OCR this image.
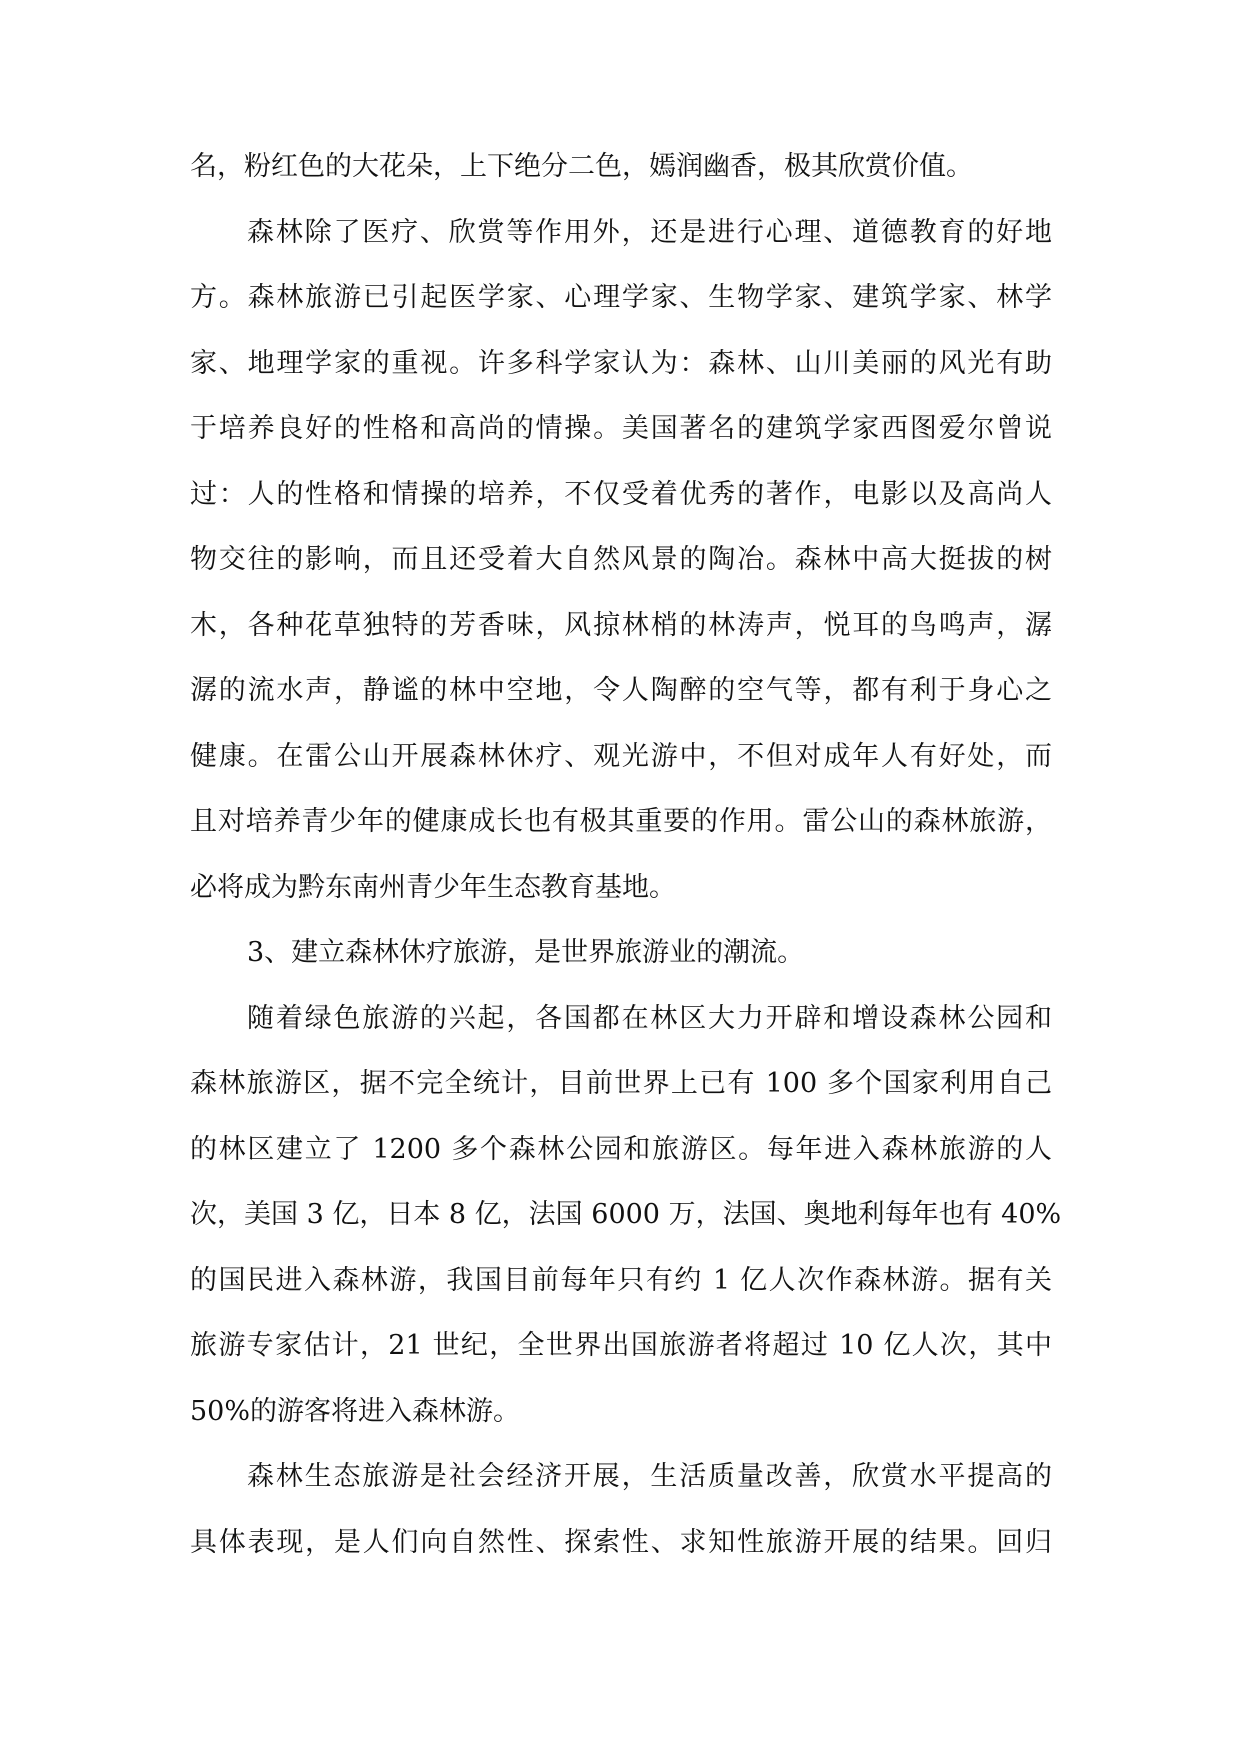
名，粉红色的大花朵，上下绝分二色，嫣润幽香，极其欣赏价值。
森林除了医疗、欣赏等作用外，还是进行心理、道德教育的好地
方。森林旅游已引起医学家、心理学家、生物学家、建筑学家、林学
家、地理学家的重视。许多科学家认为：森林、山川美丽的风光有助
于培养良好的性格和高尚的情操。美国著名的建筑学家西图爱尔曾说
过：人的性格和情操的培养，不仅受着优秀的著作，电影以及高尚人
物交往的影响，而且还受着大自然风景的陶冶。森林中高大挺拔的树
木，各种花草独特的芳香味，风掠林梢的林涛声，悦耳的鸟鸣声，潺
潺的流水声，静谧的林中空地，令人陶醉的空气等，都有利于身心之
健康。在雷公山开展森林休疗、观光游中，不但对成年人有好处，而
且对培养青少年的健康成长也有极其重要的作用。雷公山的森林旅游，
必将成为黔东南州青少年生态教育基地。
3、建立森林休疗旅游，是世界旅游业的潮流。
随着绿色旅游的兴起，各国都在林区大力开辟和增设森林公园和
森林旅游区，据不完全统计，目前世界上已有 100 多个国家利用自己
的林区建立了 1200 多个森林公园和旅游区。每年进入森林旅游的人
次，美国 3 亿，日本 8 亿，法国 6000 万，法国、奥地利每年也有 40%
的国民进入森林游，我国目前每年只有约 1 亿人次作森林游。据有关
旅游专家估计，21 世纪，全世界出国旅游者将超过 10 亿人次，其中
50%的游客将进入森林游。
森林生态旅游是社会经济开展，生活质量改善，欣赏水平提高的
具体表现，是人们向自然性、探索性、求知性旅游开展的结果。回归
